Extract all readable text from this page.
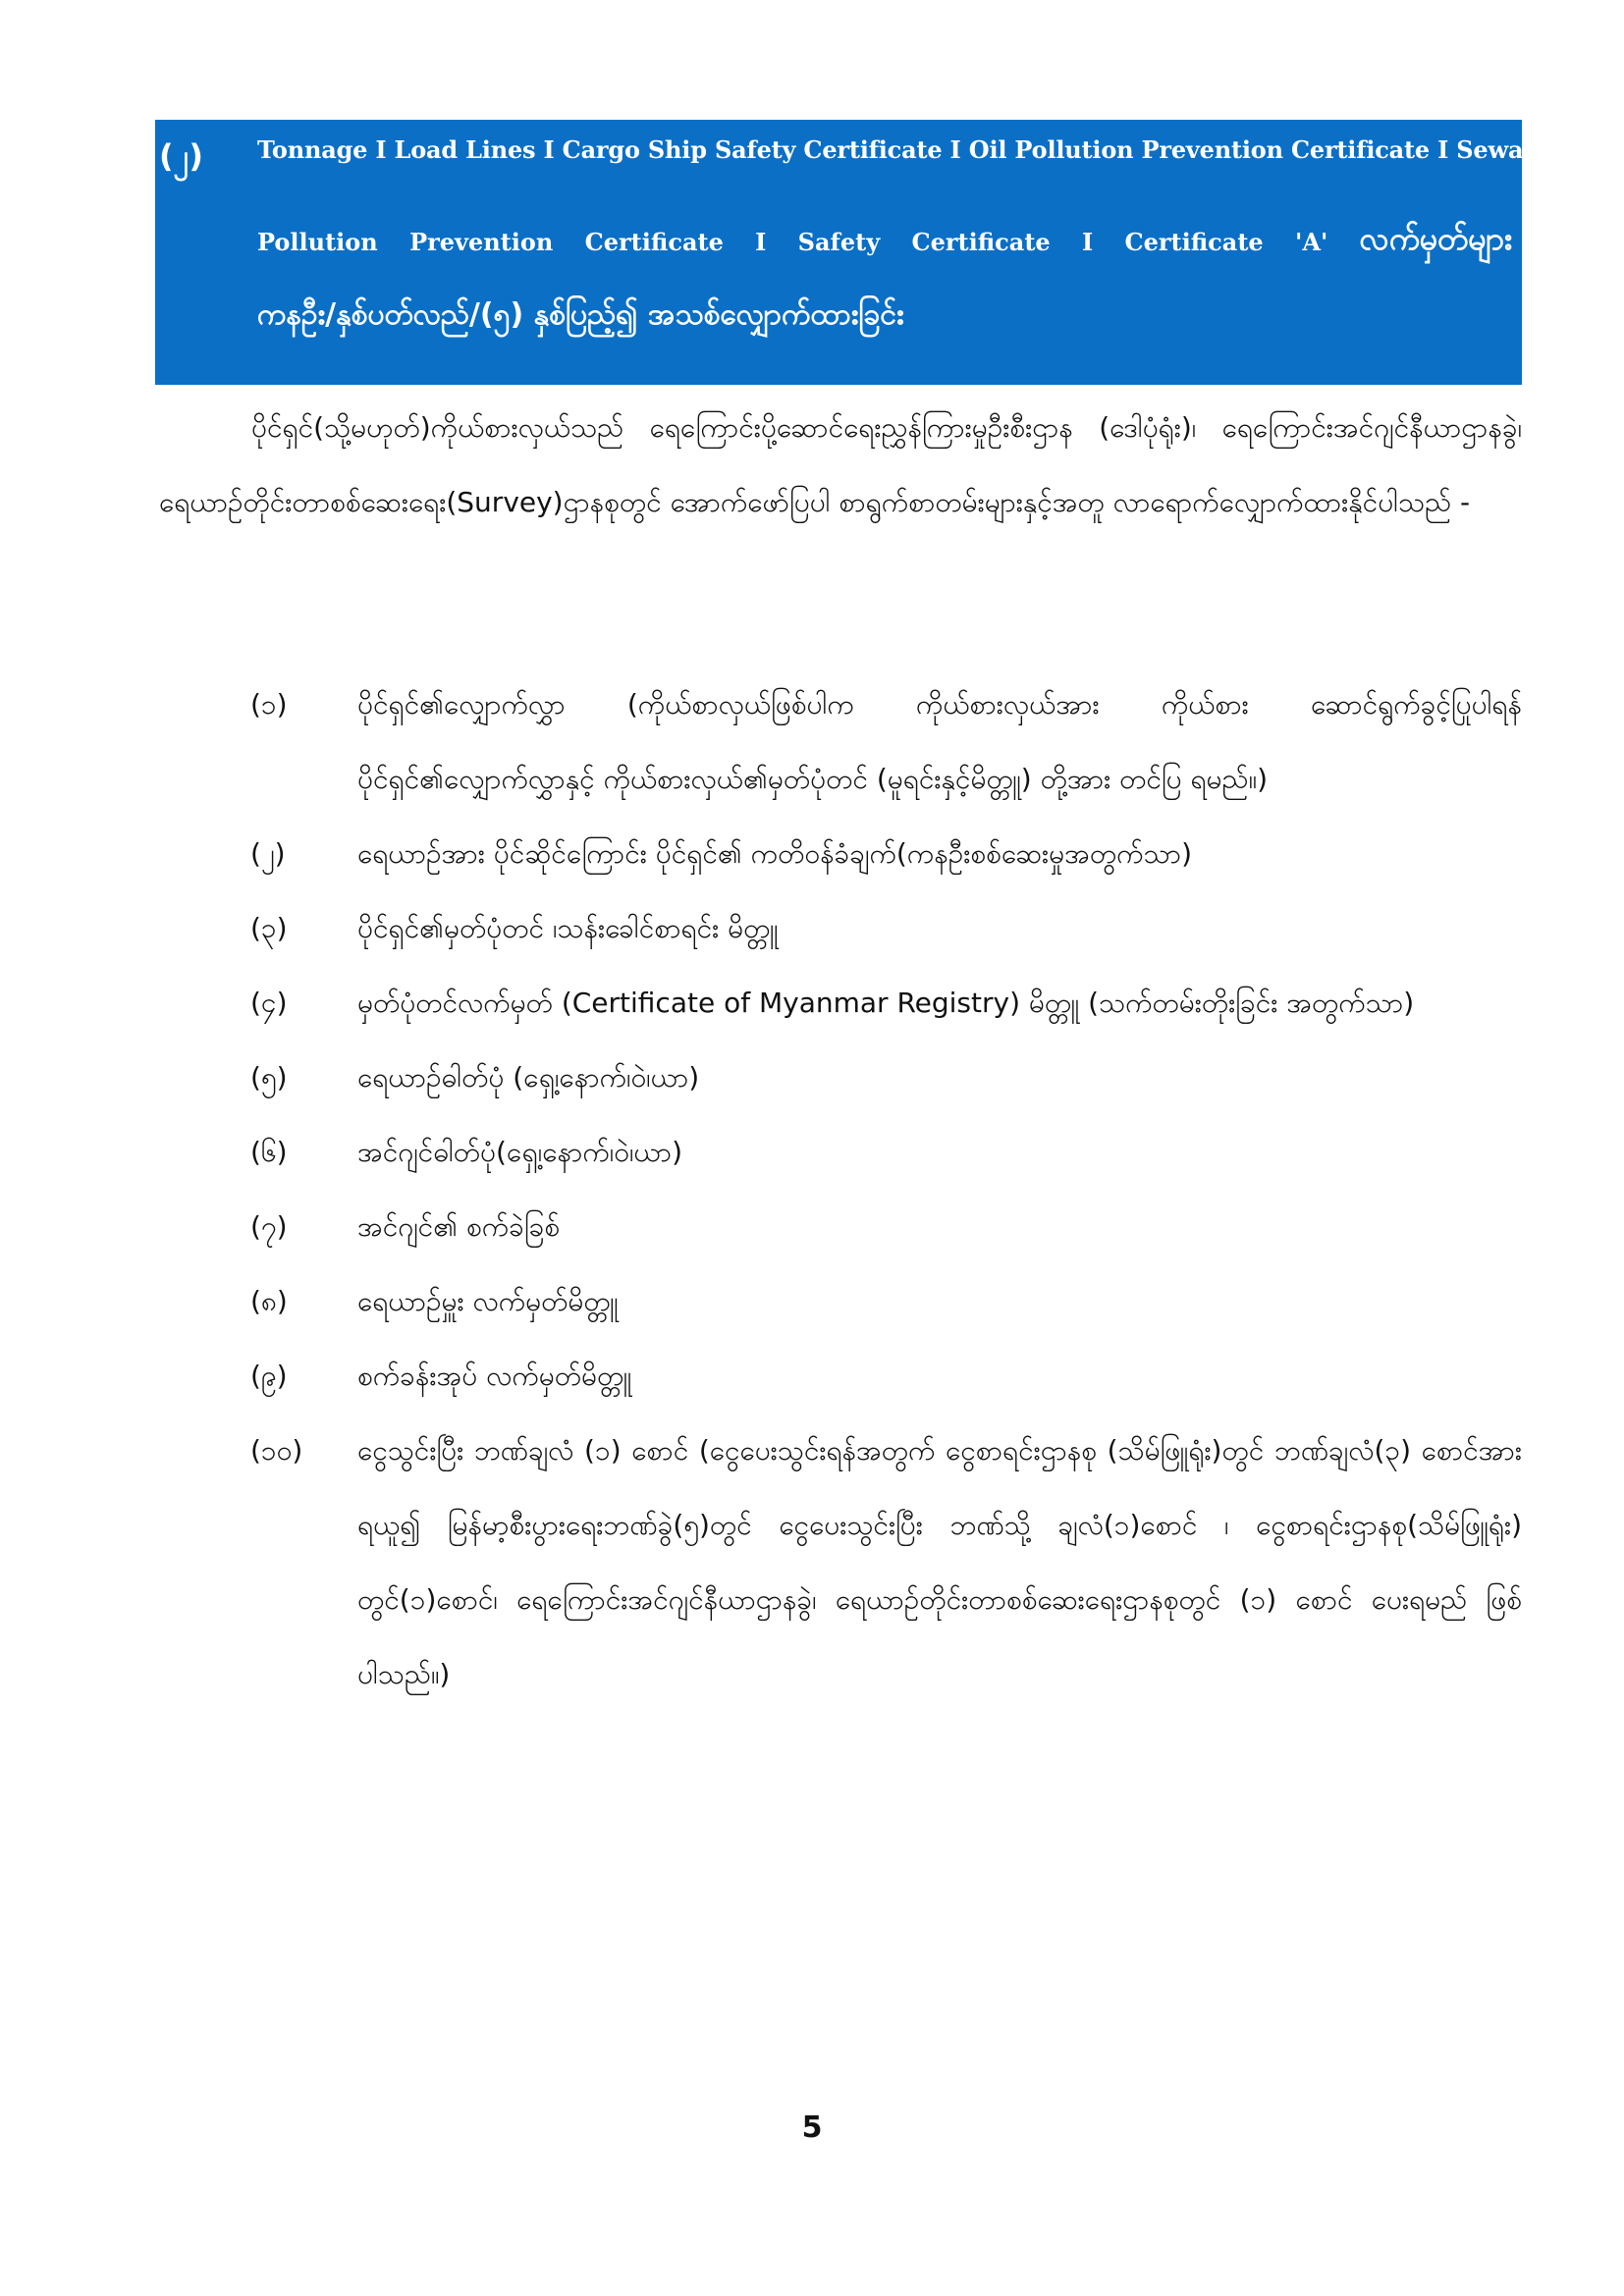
(၂) Tonnage I Load Lines I Cargo Ship Safety Certificate I Oil Pollution Prevention Certificate I Sewage
Pollution Prevention Certificate I Safety Certificate I Certificate 'A' လက်မှတ်များ
ကနဦး/နှစ်ပတ်လည်/(၅) နှစ်ပြည့်၍ အသစ်လျှောက်ထားခြင်း

ပိုင်ရှင်(သို့မဟုတ်)ကိုယ်စားလှယ်သည် ရေကြောင်းပို့ဆောင်ရေးညွှန်ကြားမှုဦးစီးဌာန (ဒေါပုံရုံး)၊ ရေကြောင်းအင်ဂျင်နီယာဌာနခွဲ၊ရေယာဉ်တိုင်းတာစစ်ဆေးရေး(Survey)ဌာနစုတွင် အောက်ဖော်ပြပါ စာရွက်စာတမ်းများနှင့်အတူ လာရောက်လျှောက်ထားနိုင်ပါသည် -

(၁)	ပိုင်ရှင်၏လျှောက်လွှာ (ကိုယ်စာလှယ်ဖြစ်ပါက ကိုယ်စားလှယ်အား ကိုယ်စား ဆောင်ရွက်ခွင့်ပြုပါရန် ပိုင်ရှင်၏လျှောက်လွှာနှင့် ကိုယ်စားလှယ်၏မှတ်ပုံတင် (မူရင်းနှင့်မိတ္တူ) တို့အား တင်ပြ ရမည်။)
(၂)	ရေယာဉ်အား ပိုင်ဆိုင်ကြောင်း ပိုင်ရှင်၏ ကတိဝန်ခံချက်(ကနဦးစစ်ဆေးမှုအတွက်သာ)
(၃)	ပိုင်ရှင်၏မှတ်ပုံတင် ၊သန်းခေါင်စာရင်း မိတ္တူ
(၄)	မှတ်ပုံတင်လက်မှတ် (Certificate of Myanmar Registry) မိတ္တူ (သက်တမ်းတိုးခြင်း အတွက်သာ)
(၅)	ရေယာဉ်ဓါတ်ပုံ (ရှေ့၊နောက်၊ဝဲ၊ယာ)
(၆)	အင်ဂျင်ဓါတ်ပုံ(ရှေ့၊နောက်၊ဝဲ၊ယာ)
(၇)	အင်ဂျင်၏ စက်ခဲခြစ်
(၈)	ရေယာဉ်မှူး လက်မှတ်မိတ္တူ
(၉)	စက်ခန်းအုပ် လက်မှတ်မိတ္တူ
(၁၀)	ငွေသွင်းပြီး ဘဏ်ချလံ (၁) စောင် (ငွေပေးသွင်းရန်အတွက် ငွေစာရင်းဌာနစု (သိမ်ဖြူရုံး)တွင် ဘဏ်ချလံ(၃) စောင်အား ရယူ၍ မြန်မာ့စီးပွားရေးဘဏ်ခွဲ(၅)တွင် ငွေပေးသွင်းပြီး ဘဏ်သို့ ချလံ(၁)စောင် ၊ ငွေစာရင်းဌာနစု(သိမ်ဖြူရုံး) တွင်(၁)စောင်၊ ရေကြောင်းအင်ဂျင်နီယာဌာနခွဲ၊ ရေယာဉ်တိုင်းတာစစ်ဆေးရေးဌာနစုတွင် (၁) စောင် ပေးရမည် ဖြစ်ပါသည်။)
5
